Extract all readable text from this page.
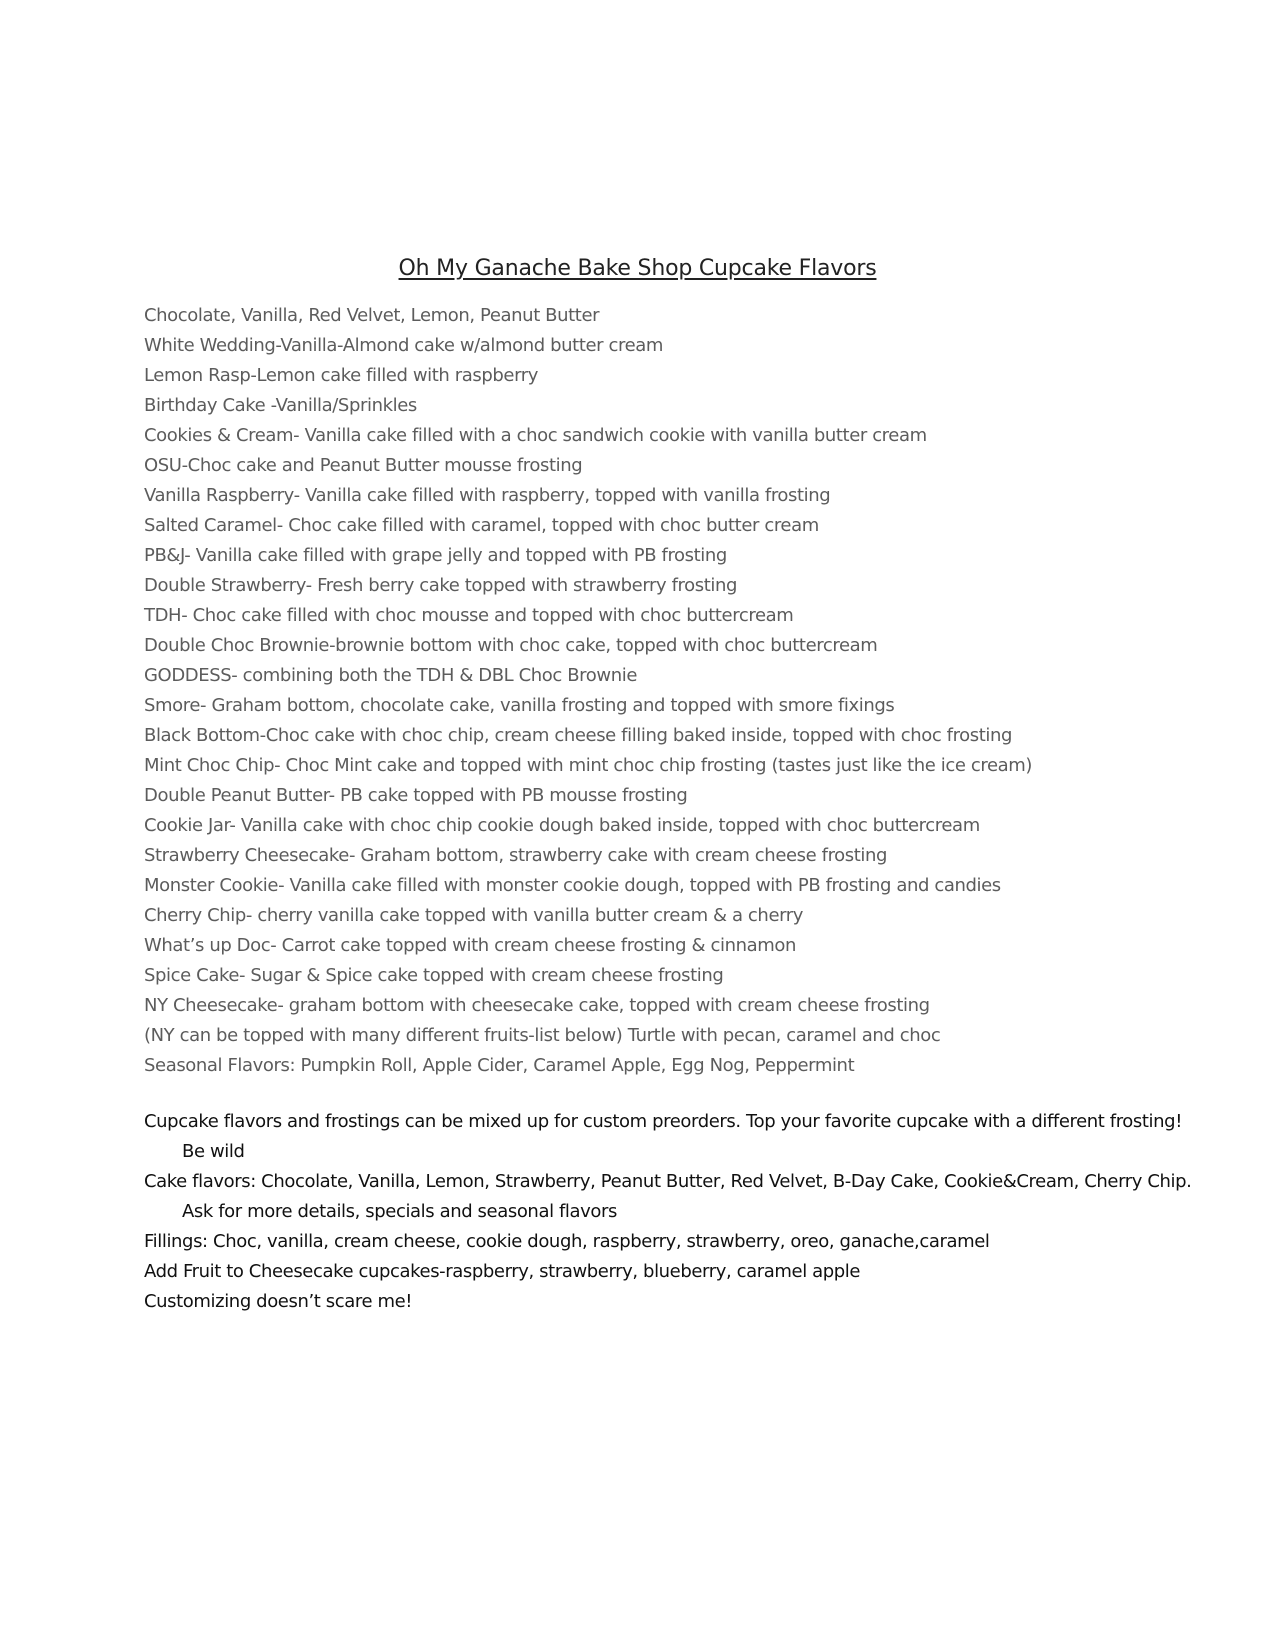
Oh My Ganache Bake Shop Cupcake Flavors
Chocolate, Vanilla, Red Velvet, Lemon, Peanut Butter
White Wedding-Vanilla-Almond cake w/almond butter cream
Lemon Rasp-Lemon cake filled with raspberry
Birthday Cake -Vanilla/Sprinkles
Cookies & Cream- Vanilla cake filled with a choc sandwich cookie with vanilla butter cream
OSU-Choc cake and Peanut Butter mousse frosting
Vanilla Raspberry- Vanilla cake filled with raspberry, topped with vanilla frosting
Salted Caramel- Choc cake filled with caramel, topped with choc butter cream
PB&J- Vanilla cake filled with grape jelly and topped with PB frosting
Double Strawberry- Fresh berry cake topped with strawberry frosting
TDH- Choc cake filled with choc mousse and topped with choc buttercream
Double Choc Brownie-brownie bottom with choc cake, topped with choc buttercream
GODDESS- combining both the TDH & DBL Choc Brownie
Smore- Graham bottom, chocolate cake, vanilla frosting and topped with smore fixings
Black Bottom-Choc cake with choc chip, cream cheese filling baked inside, topped with choc frosting
Mint Choc Chip- Choc Mint cake and topped with mint choc chip frosting (tastes just like the ice cream)
Double Peanut Butter- PB cake topped with PB mousse frosting
Cookie Jar- Vanilla cake with choc chip cookie dough baked inside, topped with choc buttercream
Strawberry Cheesecake- Graham bottom, strawberry cake with cream cheese frosting
Monster Cookie- Vanilla cake filled with monster cookie dough, topped with PB frosting and candies
Cherry Chip- cherry vanilla cake topped with vanilla butter cream & a cherry
What’s up Doc- Carrot cake topped with cream cheese frosting & cinnamon
Spice Cake- Sugar & Spice cake topped with cream cheese frosting
NY Cheesecake- graham bottom with cheesecake cake, topped with cream cheese frosting
(NY can be topped with many different fruits-list below) Turtle with pecan, caramel and choc
Seasonal Flavors: Pumpkin Roll, Apple Cider, Caramel Apple, Egg Nog, Peppermint
Cupcake flavors and frostings can be mixed up for custom preorders. Top your favorite cupcake with a different frosting!
Be wild
Cake flavors: Chocolate, Vanilla, Lemon, Strawberry, Peanut Butter, Red Velvet, B-Day Cake, Cookie&Cream, Cherry Chip.
Ask for more details, specials and seasonal flavors
Fillings: Choc, vanilla, cream cheese, cookie dough, raspberry, strawberry, oreo, ganache,caramel
Add Fruit to Cheesecake cupcakes-raspberry, strawberry, blueberry, caramel apple
Customizing doesn’t scare me!
